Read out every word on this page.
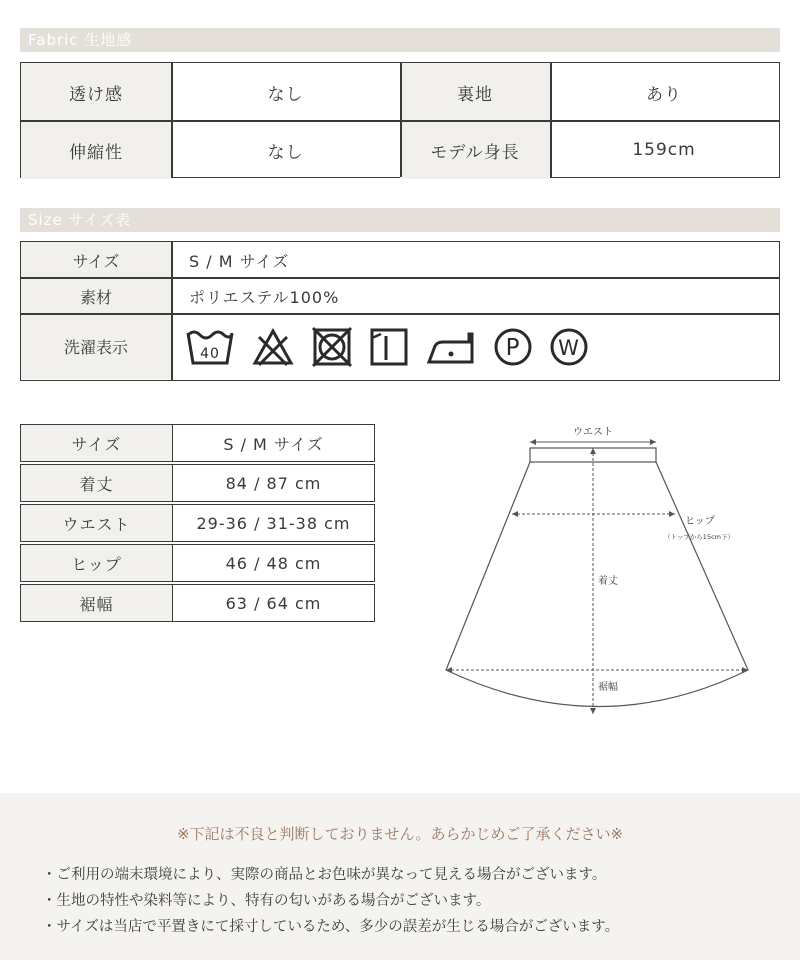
Fabric 生地感
透け感	なし	裏地	あり
伸縮性	なし	モデル身長	159cm
Size サイズ表
サイズ	S / M サイズ
素材	ポリエステル100%
洗濯表示	40	P W
サイズ	S / M サイズ
着丈	84 / 87 cm
ウエスト	29-36 / 31-38 cm
ヒップ	46 / 48 cm
裾幅	63 / 64 cm
ウエスト
ヒップ
（トップから15cm下）
着丈
裾幅
※下記は不良と判断しておりません。あらかじめご了承ください※
・ご利用の端末環境により、実際の商品とお色味が異なって見える場合がございます。
・生地の特性や染料等により、特有の匂いがある場合がございます。
・サイズは当店で平置きにて採寸しているため、多少の誤差が生じる場合がございます。
